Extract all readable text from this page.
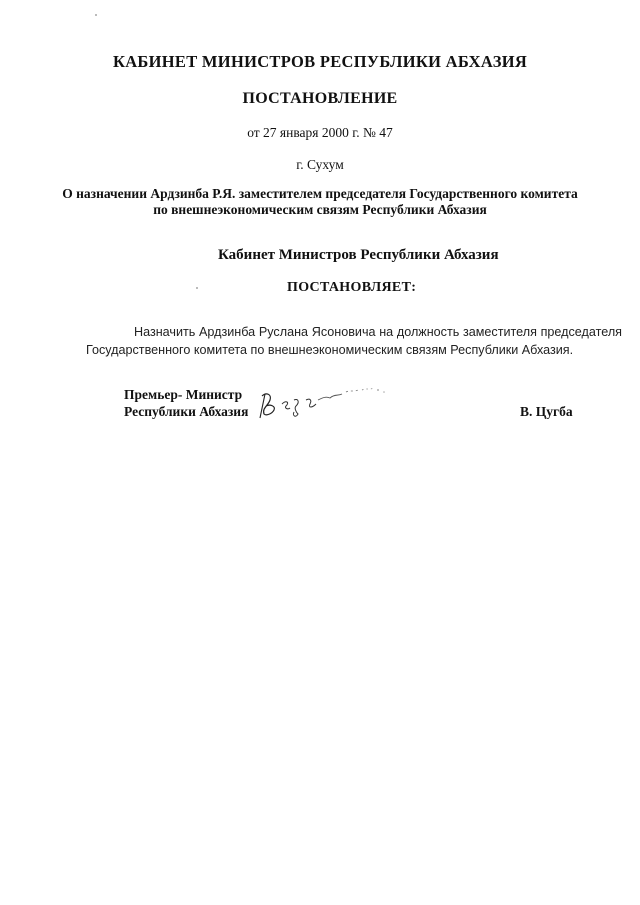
КАБИНЕТ МИНИСТРОВ РЕСПУБЛИКИ АБХАЗИЯ
ПОСТАНОВЛЕНИЕ
от 27 января 2000 г. № 47
г. Сухум
О назначении Ардзинба Р.Я. заместителем председателя Государственного комитета
по внешнеэкономическим связям Республики Абхазия
Кабинет Министров Республики Абхазия
ПОСТАНОВЛЯЕТ:
Назначить Ардзинба Руслана Ясоновича на должность заместителя председателя
Государственного комитета по внешнеэкономическим связям Республики Абхазия.
Премьер- Министр
Республики Абхазия	В. Цугба
